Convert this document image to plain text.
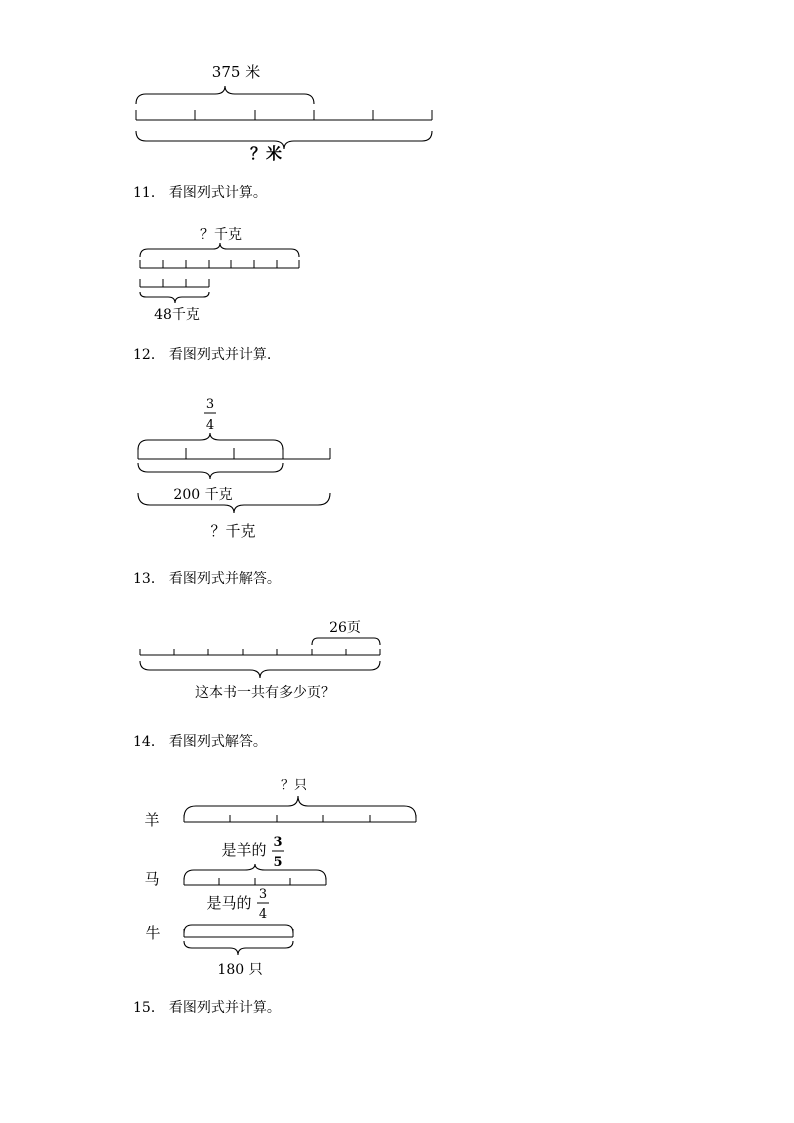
375 米
？米
11． 看图列式计算。
？千克
48千克
12． 看图列式并计算.
3
4
200 千克
？千克
13． 看图列式并解答。
26页
这本书一共有多少页？
14． 看图列式解答。
？只
羊
是羊的 3
5
马
是马的 3
4
牛
180 只
15． 看图列式并计算。
